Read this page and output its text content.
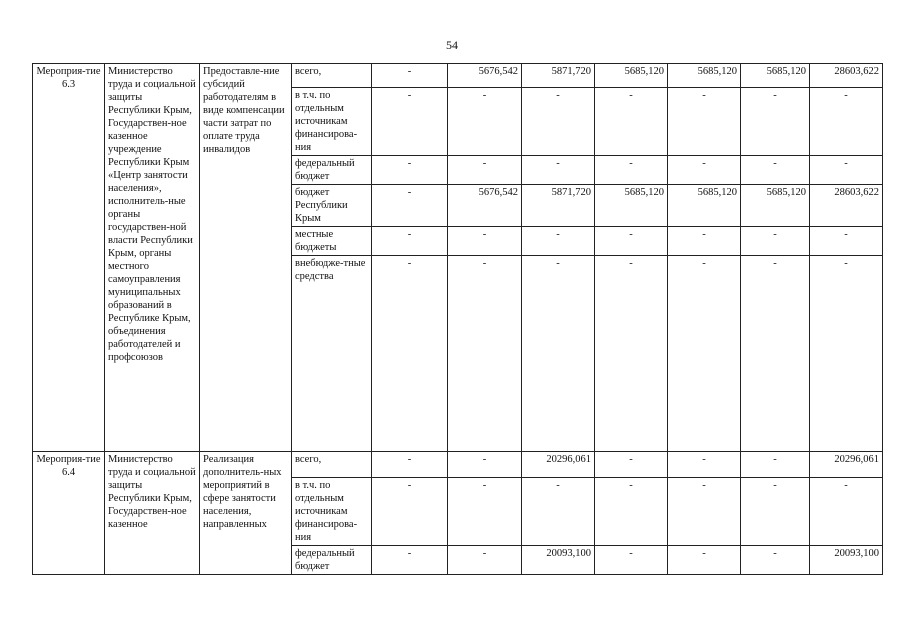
54
Мероприя-тие 6.3	Министерство труда и социальной защиты Республики Крым, Государствен-ное казенное учреждение Республики Крым «Центр занятости населения», исполнитель-ные органы государствен-ной власти Республики Крым, органы местного самоуправления муниципальных образований в Республике Крым, объединения работодателей и профсоюзов	Предоставле-ние субсидий работодателям в виде компенсации части затрат по оплате труда инвалидов	всего,	-	5676,542	5871,720	5685,120	5685,120	5685,120	28603,622
			в т.ч. по отдельным источникам финансирова-ния	-	-	-	-	-	-	-
			федеральный бюджет	-	-	-	-	-	-	-
			бюджет Республики Крым	-	5676,542	5871,720	5685,120	5685,120	5685,120	28603,622
			местные бюджеты	-	-	-	-	-	-	-
			внебюдже-тные средства	-	-	-	-	-	-	-
Мероприя-тие 6.4	Министерство труда и социальной защиты Республики Крым, Государствен-ное казенное	Реализация дополнитель-ных мероприятий в сфере занятости населения, направленных	всего,	-	-	20296,061	-	-	-	20296,061
			в т.ч. по отдельным источникам финансирова-ния	-	-	-	-	-	-	-
			федеральный бюджет	-	-	20093,100	-	-	-	20093,100
